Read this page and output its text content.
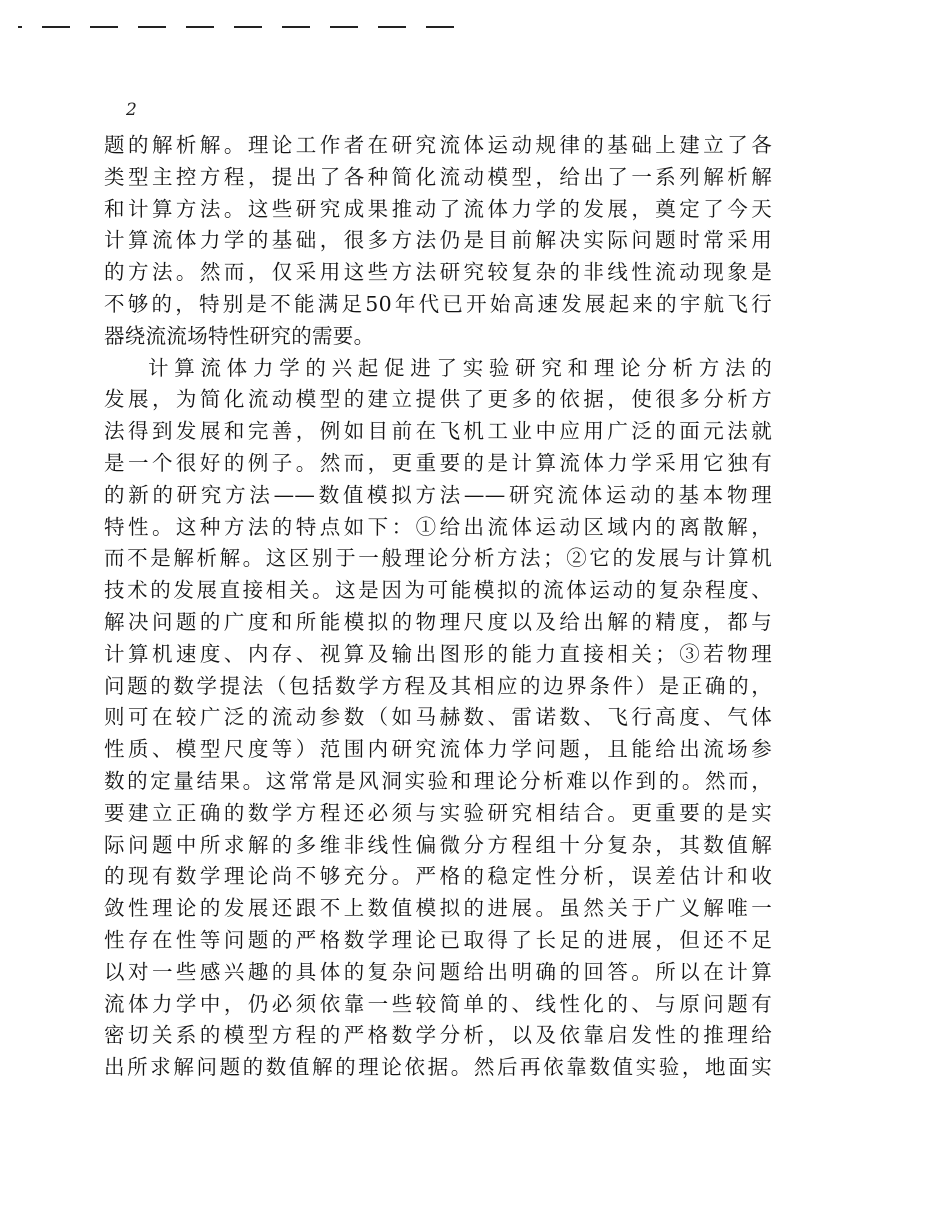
2
题的解析解。理论工作者在研究流体运动规律的基础上建立了各
类型主控方程，提出了各种简化流动模型，给出了一系列解析解
和计算方法。这些研究成果推动了流体力学的发展，奠定了今天
计算流体力学的基础，很多方法仍是目前解决实际问题时常采用
的方法。然而，仅采用这些方法研究较复杂的非线性流动现象是
不够的，特别是不能满足50年代已开始高速发展起来的宇航飞行
器绕流流场特性研究的需要。
计算流体力学的兴起促进了实验研究和理论分析方法的
发展，为简化流动模型的建立提供了更多的依据，使很多分析方
法得到发展和完善，例如目前在飞机工业中应用广泛的面元法就
是一个很好的例子。然而，更重要的是计算流体力学采用它独有
的新的研究方法——数值模拟方法——研究流体运动的基本物理
特性。这种方法的特点如下：①给出流体运动区域内的离散解，
而不是解析解。这区别于一般理论分析方法；②它的发展与计算机
技术的发展直接相关。这是因为可能模拟的流体运动的复杂程度、
解决问题的广度和所能模拟的物理尺度以及给出解的精度，都与
计算机速度、内存、视算及输出图形的能力直接相关；③若物理
问题的数学提法（包括数学方程及其相应的边界条件）是正确的，
则可在较广泛的流动参数（如马赫数、雷诺数、飞行高度、气体
性质、模型尺度等）范围内研究流体力学问题，且能给出流场参
数的定量结果。这常常是风洞实验和理论分析难以作到的。然而，
要建立正确的数学方程还必须与实验研究相结合。更重要的是实
际问题中所求解的多维非线性偏微分方程组十分复杂，其数值解
的现有数学理论尚不够充分。严格的稳定性分析，误差估计和收
敛性理论的发展还跟不上数值模拟的进展。虽然关于广义解唯一
性存在性等问题的严格数学理论已取得了长足的进展，但还不足
以对一些感兴趣的具体的复杂问题给出明确的回答。所以在计算
流体力学中，仍必须依靠一些较简单的、线性化的、与原问题有
密切关系的模型方程的严格数学分析，以及依靠启发性的推理给
出所求解问题的数值解的理论依据。然后再依靠数值实验，地面实
